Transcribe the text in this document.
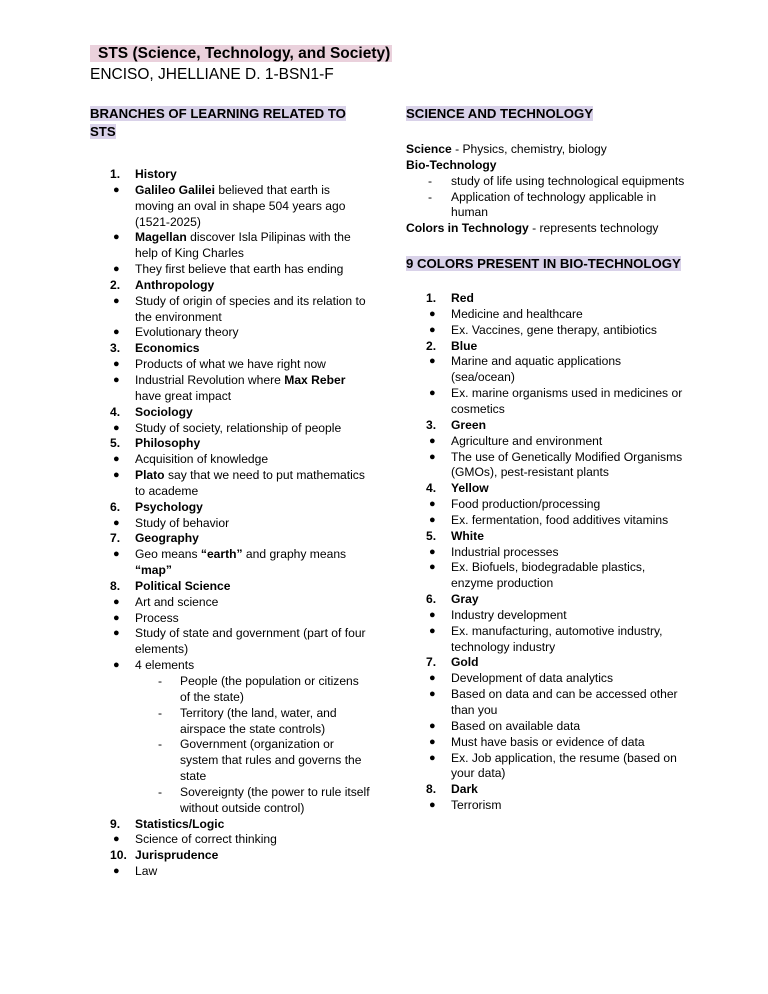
STS (Science, Technology, and Society)
ENCISO, JHELLIANE D. 1-BSN1-F
BRANCHES OF LEARNING RELATED TO STS
1.	History
● Galileo Galilei believed that earth is moving an oval in shape 504 years ago (1521-2025)
● Magellan discover Isla Pilipinas with the help of King Charles
● They first believe that earth has ending
2.	Anthropology
● Study of origin of species and its relation to the environment
● Evolutionary theory
3.	Economics
● Products of what we have right now
● Industrial Revolution where Max Reber have great impact
4.	Sociology
● Study of society, relationship of people
5.	Philosophy
● Acquisition of knowledge
● Plato say that we need to put mathematics to academe
6.	Psychology
● Study of behavior
7.	Geography
● Geo means “earth” and graphy means “map”
8.	Political Science
● Art and science
● Process
● Study of state and government (part of four elements)
● 4 elements
- People (the population or citizens of the state)
- Territory (the land, water, and airspace the state controls)
- Government (organization or system that rules and governs the state
- Sovereignty (the power to rule itself without outside control)
9.	Statistics/Logic
● Science of correct thinking
10. Jurisprudence
● Law
SCIENCE AND TECHNOLOGY
Science - Physics, chemistry, biology
Bio-Technology
- study of life using technological equipments
- Application of technology applicable in human
Colors in Technology - represents technology
9 COLORS PRESENT IN BIO-TECHNOLOGY
1.	Red
● Medicine and healthcare
● Ex. Vaccines, gene therapy, antibiotics
2.	Blue
● Marine and aquatic applications (sea/ocean)
● Ex. marine organisms used in medicines or cosmetics
3.	Green
● Agriculture and environment
● The use of Genetically Modified Organisms (GMOs), pest-resistant plants
4.	Yellow
● Food production/processing
● Ex. fermentation, food additives vitamins
5.	White
● Industrial processes
● Ex. Biofuels, biodegradable plastics, enzyme production
6.	Gray
● Industry development
● Ex. manufacturing, automotive industry, technology industry
7.	Gold
● Development of data analytics
● Based on data and can be accessed other than you
● Based on available data
● Must have basis or evidence of data
● Ex. Job application, the resume (based on your data)
8.	Dark
● Terrorism
